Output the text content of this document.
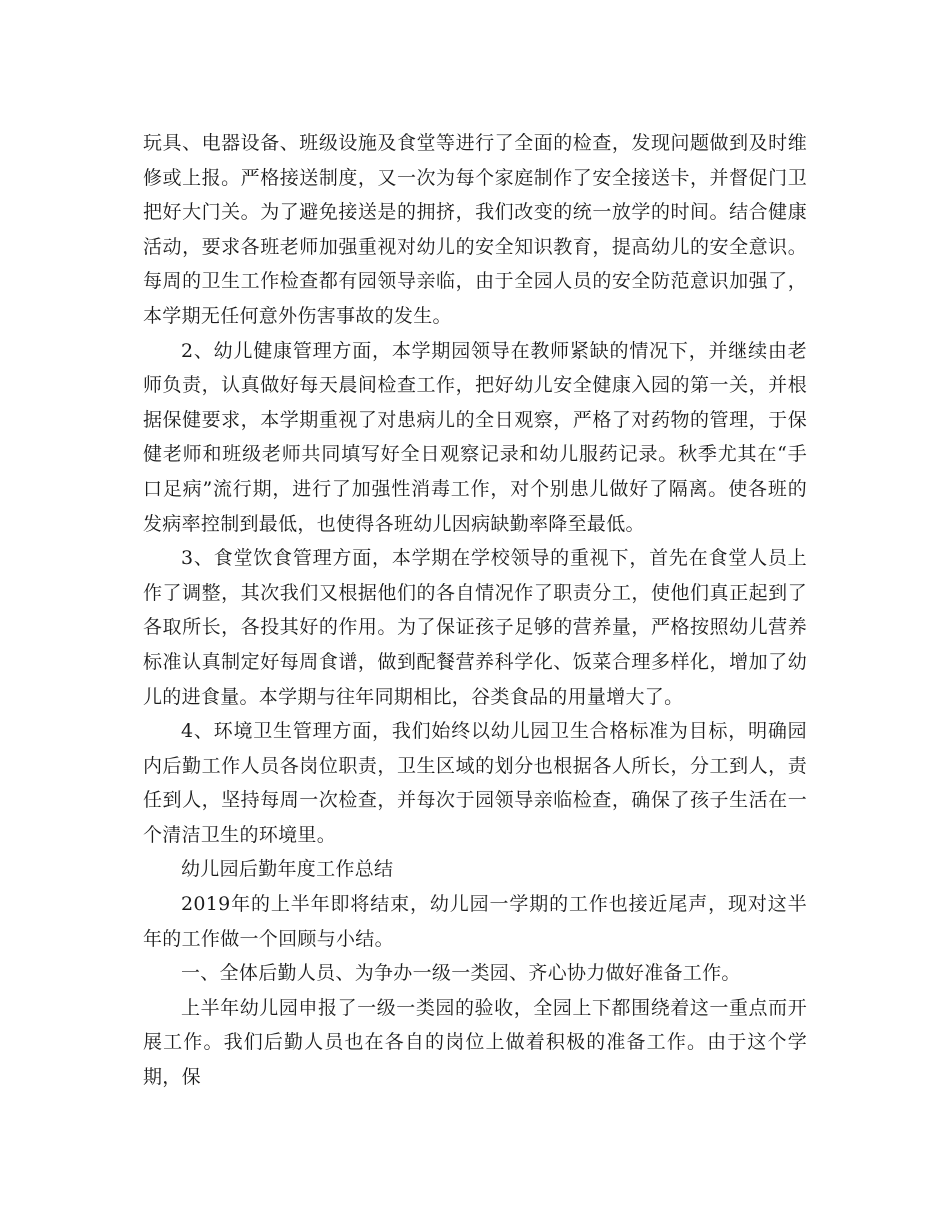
玩具、电器设备、班级设施及食堂等进行了全面的检查，发现问题做到及时维修或上报。严格接送制度，又一次为每个家庭制作了安全接送卡，并督促门卫把好大门关。为了避免接送是的拥挤，我们改变的统一放学的时间。结合健康活动，要求各班老师加强重视对幼儿的安全知识教育，提高幼儿的安全意识。每周的卫生工作检查都有园领导亲临，由于全园人员的安全防范意识加强了，本学期无任何意外伤害事故的发生。

2、幼儿健康管理方面，本学期园领导在教师紧缺的情况下，并继续由老师负责，认真做好每天晨间检查工作，把好幼儿安全健康入园的第一关，并根据保健要求，本学期重视了对患病儿的全日观察，严格了对药物的管理，于保健老师和班级老师共同填写好全日观察记录和幼儿服药记录。秋季尤其在“手口足病”流行期，进行了加强性消毒工作，对个别患儿做好了隔离。使各班的发病率控制到最低，也使得各班幼儿因病缺勤率降至最低。

3、食堂饮食管理方面，本学期在学校领导的重视下，首先在食堂人员上作了调整，其次我们又根据他们的各自情况作了职责分工，使他们真正起到了各取所长，各投其好的作用。为了保证孩子足够的营养量，严格按照幼儿营养标准认真制定好每周食谱，做到配餐营养科学化、饭菜合理多样化，增加了幼儿的进食量。本学期与往年同期相比，谷类食品的用量增大了。

4、环境卫生管理方面，我们始终以幼儿园卫生合格标准为目标，明确园内后勤工作人员各岗位职责，卫生区域的划分也根据各人所长，分工到人，责任到人，坚持每周一次检查，并每次于园领导亲临检查，确保了孩子生活在一个清洁卫生的环境里。

幼儿园后勤年度工作总结

2019年的上半年即将结束，幼儿园一学期的工作也接近尾声，现对这半年的工作做一个回顾与小结。

一、全体后勤人员、为争办一级一类园、齐心协力做好准备工作。

上半年幼儿园申报了一级一类园的验收，全园上下都围绕着这一重点而开展工作。我们后勤人员也在各自的岗位上做着积极的准备工作。由于这个学期，保
